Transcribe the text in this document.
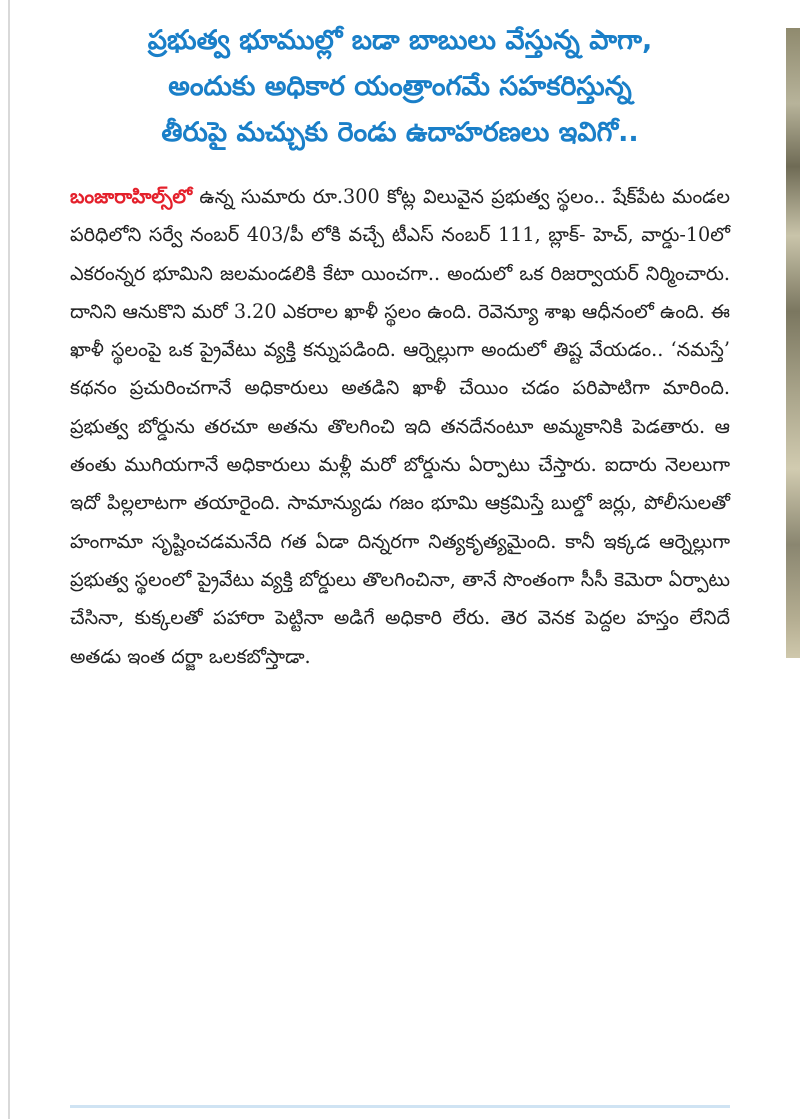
ప్రభుత్వ భూముల్లో బడా బాబులు వేస్తున్న పాగా,
అందుకు అధికార యంత్రాంగమే సహకరిస్తున్న
తీరుపై మచ్చుకు రెండు ఉదాహరణలు ఇవిగో..

బంజారాహిల్స్‌లో ఉన్న సుమారు రూ.300 కోట్ల విలువైన ప్రభుత్వ స్థలం.. షేక్‌పేట మండల పరిధిలోని సర్వే నంబర్ 403/పీ లోకి వచ్చే టీఎస్ నంబర్ 111, బ్లాక్- హెచ్, వార్డు-10లో ఎకరంన్నర భూమిని జలమండలికి కేటా యించగా.. అందులో ఒక రిజర్వాయర్ నిర్మించారు. దానిని ఆనుకొని మరో 3.20 ఎకరాల ఖాళీ స్థలం ఉంది. రెవెన్యూ శాఖ ఆధీనంలో ఉంది. ఈ ఖాళీ స్థలంపై ఒక ప్రైవేటు వ్యక్తి కన్నుపడింది. ఆర్నెల్లుగా అందులో తిష్ట వేయడం.. ‘నమస్తే’ కథనం ప్రచురించగానే అధికారులు అతడిని ఖాళీ చేయిం చడం పరిపాటిగా మారింది. ప్రభుత్వ బోర్డును తరచూ అతను తొలగించి ఇది తనదేనంటూ అమ్మకానికి పెడతారు. ఆ తంతు ముగియగానే అధికారులు మళ్లీ మరో బోర్డును ఏర్పాటు చేస్తారు. ఐదారు నెలలుగా ఇదో పిల్లలాటగా తయారైంది. సామాన్యుడు గజం భూమి ఆక్రమిస్తే బుల్డో జర్లు, పోలీసులతో హంగామా సృష్టించడమనేది గత ఏడా దిన్నరగా నిత్యకృత్యమైంది. కానీ ఇక్కడ ఆర్నెల్లుగా ప్రభుత్వ స్థలంలో ప్రైవేటు వ్యక్తి బోర్డులు తొలగించినా, తానే సొంతంగా సీసీ కెమెరా ఏర్పాటు చేసినా, కుక్కలతో పహారా పెట్టినా అడిగే అధికారి లేరు. తెర వెనక పెద్దల హస్తం లేనిదే అతడు ఇంత దర్జా ఒలకబోస్తాడా.
